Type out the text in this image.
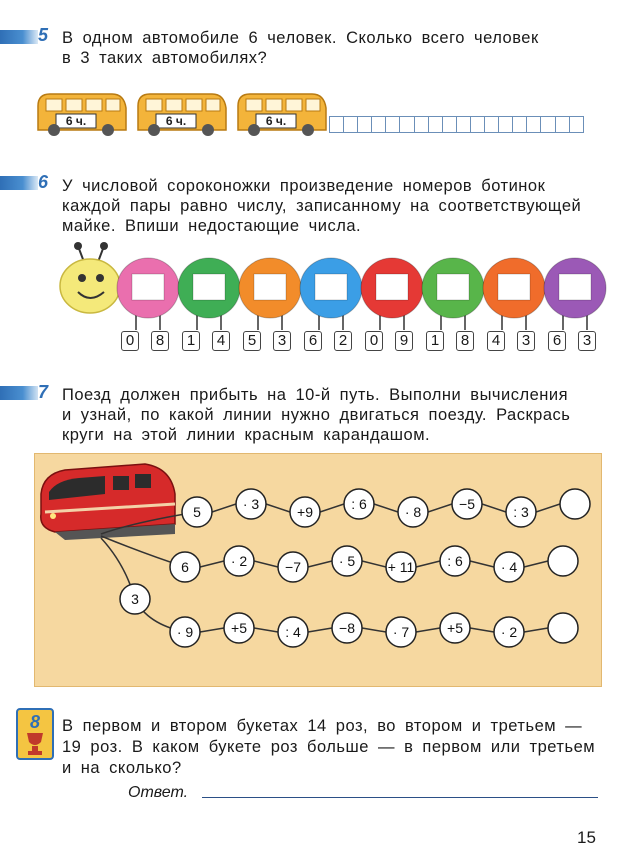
5 В одном автомобиле 6 человек. Сколько всего человек
в 3 таких автомобилях?
6 ч.	6 ч.	6 ч.
6 У числовой сороконожки произведение номеров ботинок
каждой пары равно числу, записанному на соответствующей
майке. Впиши недостающие числа.
0	8	1	4	5	3	6	2	0	9	1	8	4	3	6	3
7 Поезд должен прибыть на 10-й путь. Выполни вычисления
и узнай, по какой линии нужно двигаться поезду. Раскрась
круги на этой линии красным карандашом.
5	· 3	+9	: 6	· 8	−5	: 3
6	· 2	−7	· 5 + 11 : 6	· 4
· 9	+5	: 4	−8	· 7	+5	· 2
3
8 В первом и втором букетах 14 роз, во втором и третьем —
19 роз. В каком букете роз больше — в первом или третьем
и на сколько?
Ответ.
15
